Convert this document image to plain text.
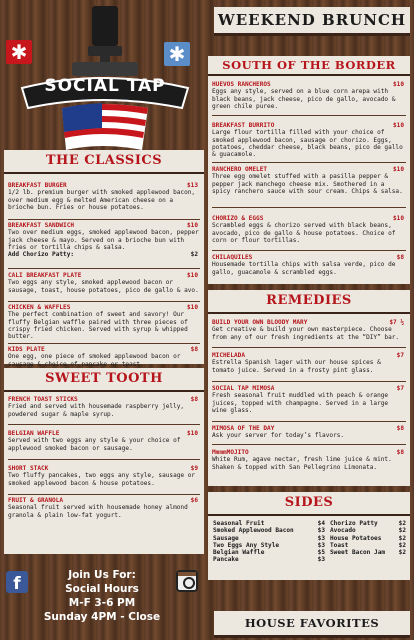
WEEKEND BRUNCH
✱	✱
SOCIAL TAP
THE CLASSICS
BREAKFAST BURGER	$13
1/2 lb. premium burger with smoked applewood bacon, over medium egg & melted American cheese on a brioche bun. Fries or house potatoes.
BREAKFAST SANDWICH	$10
Two over medium eggs, smoked applewood bacon, pepper jack cheese & mayo. Served on a brioche bun with fries or tortilla chips & salsa.
Add Chorizo Patty:	$2
CALI BREAKFAST PLATE	$10
Two eggs any style, smoked applewood bacon or sausage, toast, house potatoes, pico de gallo & avo.
CHICKEN & WAFFLES	$10
The perfect combination of sweet and savory! Our fluffy Belgian waffle paired with three pieces of crispy fried chicken. Served with syrup & whipped butter.
KIDS PLATE	$8
One egg, one piece of smoked applewood bacon or sausage & choice of pancake or toast.
SWEET TOOTH
FRENCH TOAST STICKS	$8
Fried and served with housemade raspberry jelly, powdered sugar & maple syrup.
BELGIAN WAFFLE	$10
Served with two eggs any style & your choice of applewood smoked bacon or sausage.
SHORT STACK	$9
Two fluffy pancakes, two eggs any style, sausage or smoked applewood bacon & house potatoes.
FRUIT & GRANOLA	$6
Seasonal fruit served with housemade honey almond granola & plain low-fat yogurt.
SOUTH OF THE BORDER
HUEVOS RANCHEROS	$10
Eggs any style, served on a blue corn arepa with black beans, jack cheese, pico de gallo, avocado & green chile puree.
BREAKFAST BURRITO	$10
Large flour tortilla filled with your choice of smoked applewood bacon, sausage or chorizo. Eggs, potatoes, cheddar cheese, black beans, pico de gallo & guacamole.
RANCHERO OMELET	$10
Three egg omelet stuffed with a pasilla pepper & pepper jack manchego cheese mix. Smothered in a spicy ranchero sauce with sour cream. Chips & salsa.
CHORIZO & EGGS	$10
Scrambled eggs & chorizo served with black beans, avocado, pico de gallo & house potatoes. Choice of corn or flour tortillas.
CHILAQUILES	$8
Housemade tortilla chips with salsa verde, pico de gallo, guacamole & scrambled eggs.
REMEDIES
BUILD YOUR OWN BLOODY MARY	$7 ½
Get creative & build your own masterpiece. Choose from any of our fresh ingredients at the “DIY” bar.
MICHELADA	$7
Estrella Spanish lager with our house spices & tomato juice. Served in a frosty pint glass.
SOCIAL TAP MIMOSA	$7
Fresh seasonal fruit muddled with peach & orange juices, topped with champagne. Served in a large wine glass.
MIMOSA OF THE DAY	$8
Ask your server for today’s flavors.
MmmmMOJITO	$8
White Rum, agave nectar, fresh lime juice & mint. Shaken & topped with San Pellegrino Limonata.
SIDES
Seasonal Fruit	$4
Smoked Applewood Bacon	$3
Sausage	$3
Two Eggs Any Style	$3
Belgian Waffle	$5
Pancake	$3
Chorizo Patty	$2
Avocado	$2
House Potatoes	$2
Toast	$2
Sweet Bacon Jam $2
f	Join Us For:
Social Hours
M-F 3-6 PM
Sunday 4PM - Close	HOUSE FAVORITES
